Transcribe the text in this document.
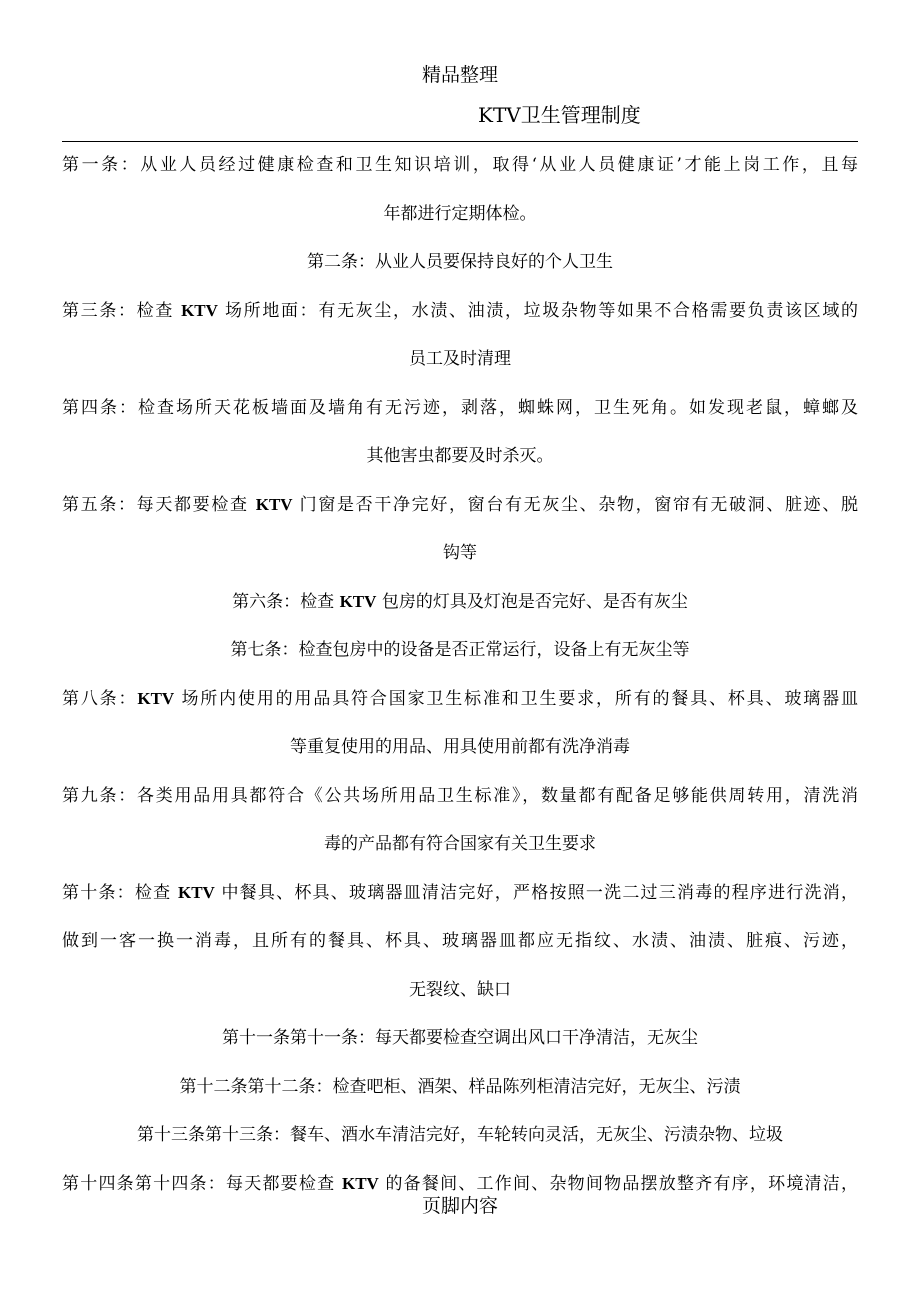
精品整理
KTV卫生管理制度
第一条：从业人员经过健康检查和卫生知识培训，取得‘从业人员健康证’才能上岗工作，且每
年都进行定期体检。
第二条：从业人员要保持良好的个人卫生
第三条：检查 KTV 场所地面：有无灰尘，水渍、油渍，垃圾杂物等如果不合格需要负责该区域的
员工及时清理
第四条：检查场所天花板墙面及墙角有无污迹，剥落，蜘蛛网，卫生死角。如发现老鼠，蟑螂及
其他害虫都要及时杀灭。
第五条：每天都要检查 KTV 门窗是否干净完好，窗台有无灰尘、杂物，窗帘有无破洞、脏迹、脱
钩等
第六条：检查 KTV 包房的灯具及灯泡是否完好、是否有灰尘
第七条：检查包房中的设备是否正常运行，设备上有无灰尘等
第八条：KTV 场所内使用的用品具符合国家卫生标准和卫生要求，所有的餐具、杯具、玻璃器皿
等重复使用的用品、用具使用前都有洗净消毒
第九条：各类用品用具都符合《公共场所用品卫生标准》，数量都有配备足够能供周转用，清洗消
毒的产品都有符合国家有关卫生要求
第十条：检查 KTV 中餐具、杯具、玻璃器皿清洁完好，严格按照一洗二过三消毒的程序进行洗消，
做到一客一换一消毒，且所有的餐具、杯具、玻璃器皿都应无指纹、水渍、油渍、脏痕、污迹，
无裂纹、缺口
第十一条第十一条：每天都要检查空调出风口干净清洁，无灰尘
第十二条第十二条：检查吧柜、酒架、样品陈列柜清洁完好，无灰尘、污渍
第十三条第十三条：餐车、酒水车清洁完好，车轮转向灵活，无灰尘、污渍杂物、垃圾
第十四条第十四条：每天都要检查 KTV 的备餐间、工作间、杂物间物品摆放整齐有序，环境清洁，
页脚内容
